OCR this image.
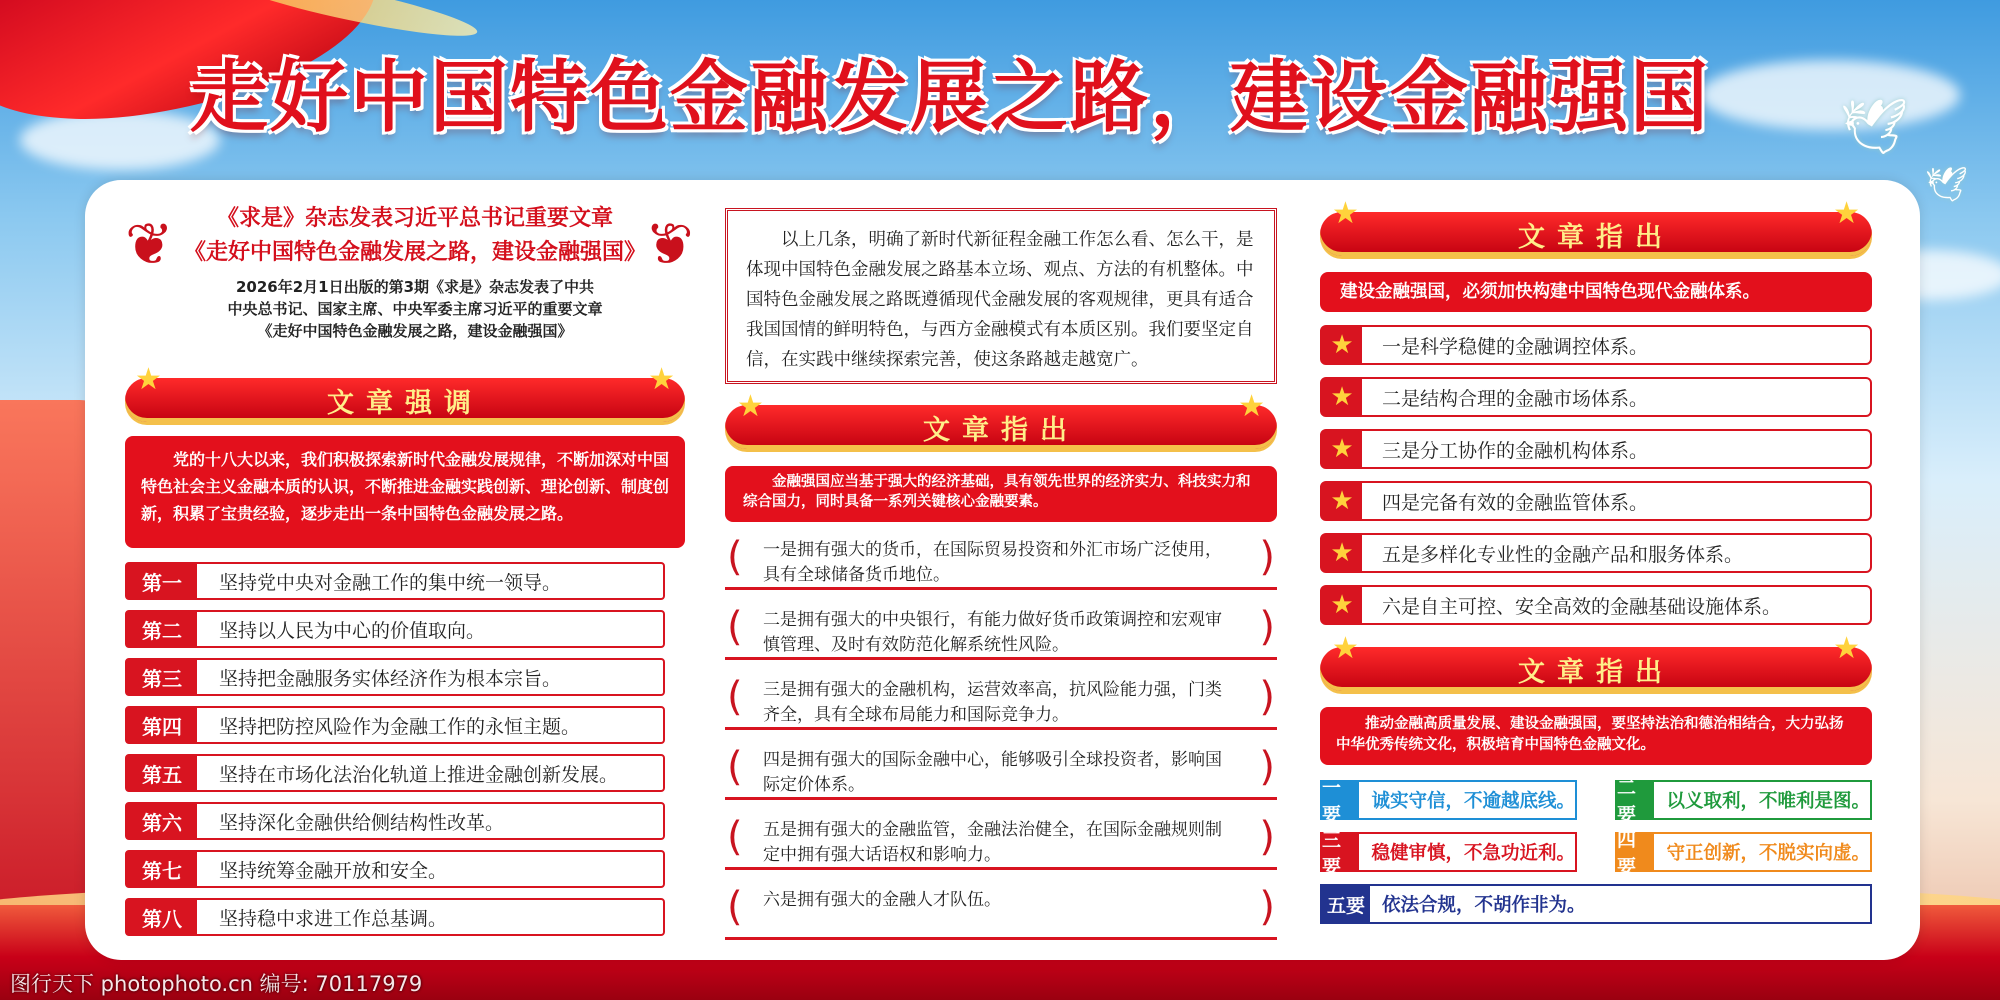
🕊
🕊
走好中国特色金融发展之路，建设金融强国
❦	❦
《求是》杂志发表习近平总书记重要文章
《走好中国特色金融发展之路，建设金融强国》
2026年2月1日出版的第3期《求是》杂志发表了中共
中央总书记、国家主席、中央军委主席习近平的重要文章
《走好中国特色金融发展之路，建设金融强国》
★
文章强调
★
党的十八大以来，我们积极探索新时代金融发展规律，不断加深对中国特色社会主义金融本质的认识，不断推进金融实践创新、理论创新、制度创新，积累了宝贵经验，逐步走出一条中国特色金融发展之路。
第一	坚持党中央对金融工作的集中统一领导。
第二	坚持以人民为中心的价值取向。
第三	坚持把金融服务实体经济作为根本宗旨。
第四	坚持把防控风险作为金融工作的永恒主题。
第五	坚持在市场化法治化轨道上推进金融创新发展。
第六	坚持深化金融供给侧结构性改革。
第七	坚持统筹金融开放和安全。
第八	坚持稳中求进工作总基调。
以上几条，明确了新时代新征程金融工作怎么看、怎么干，是体现中国特色金融发展之路基本立场、观点、方法的有机整体。中国特色金融发展之路既遵循现代金融发展的客观规律，更具有适合我国国情的鲜明特色，与西方金融模式有本质区别。我们要坚定自信，在实践中继续探索完善，使这条路越走越宽广。
★
文章指出
★
金融强国应当基于强大的经济基础，具有领先世界的经济实力、科技实力和综合国力，同时具备一系列关键核心金融要素。
( 一是拥有强大的货币，在国际贸易投资和外汇市场广泛使用，具有全球储备货币地位。	)
( 二是拥有强大的中央银行，有能力做好货币政策调控和宏观审慎管理、及时有效防范化解系统性风险。	)
( 三是拥有强大的金融机构，运营效率高，抗风险能力强，门类齐全，具有全球布局能力和国际竞争力。	)
( 四是拥有强大的国际金融中心，能够吸引全球投资者，影响国际定价体系。	)
( 五是拥有强大的金融监管，金融法治健全，在国际金融规则制定中拥有强大话语权和影响力。	)
( 六是拥有强大的金融人才队伍。	)
★
文章指出
★
建设金融强国，必须加快构建中国特色现代金融体系。
★	一是科学稳健的金融调控体系。
★	二是结构合理的金融市场体系。
★	三是分工协作的金融机构体系。
★	四是完备有效的金融监管体系。
★	五是多样化专业性的金融产品和服务体系。
★	六是自主可控、安全高效的金融基础设施体系。
★
文章指出
★
推动金融高质量发展、建设金融强国，要坚持法治和德治相结合，大力弘扬中华优秀传统文化，积极培育中国特色金融文化。
一要
诚实守信，不逾越底线。
二要
以义取利，不唯利是图。
三要
稳健审慎，不急功近利。
四要
守正创新，不脱实向虚。
五要 依法合规，不胡作非为。
图行天下 photophoto.cn 编号: 70117979
